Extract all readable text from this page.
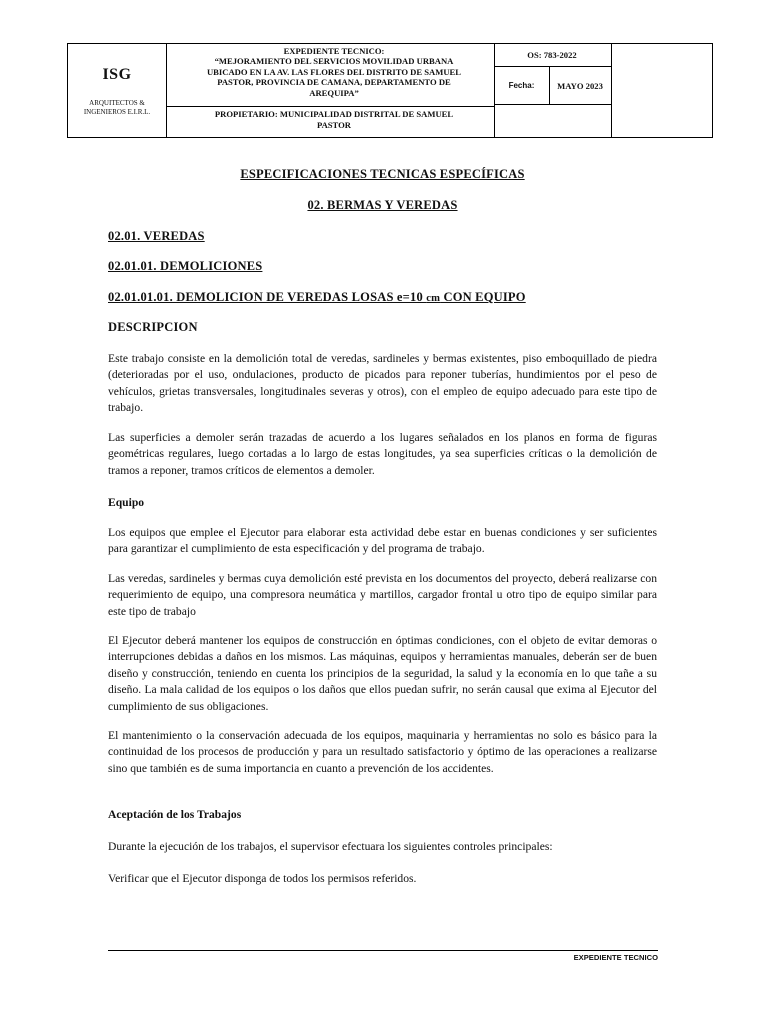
ISG
ARQUITECTOS &
INGENIEROS E.I.R.L.
EXPEDIENTE TECNICO:
“MEJORAMIENTO DEL SERVICIOS MOVILIDAD URBANA
UBICADO EN LA AV. LAS FLORES DEL DISTRITO DE SAMUEL
PASTOR, PROVINCIA DE CAMANA, DEPARTAMENTO DE
AREQUIPA”
PROPIETARIO: MUNICIPALIDAD DISTRITAL DE SAMUEL
PASTOR
OS: 783-2022
Fecha:	MAYO 2023

ESPECIFICACIONES TECNICAS ESPECÍFICAS

02. BERMAS Y VEREDAS

02.01. VEREDAS

02.01.01. DEMOLICIONES

02.01.01.01. DEMOLICION DE VEREDAS LOSAS e=10 cm CON EQUIPO

DESCRIPCION

Este trabajo consiste en la demolición total de veredas, sardineles y bermas existentes, piso emboquillado de piedra (deterioradas por el uso, ondulaciones, producto de picados para reponer tuberías, hundimientos por el peso de vehículos, grietas transversales, longitudinales severas y otros), con el empleo de equipo adecuado para este tipo de trabajo.

Las superficies a demoler serán trazadas de acuerdo a los lugares señalados en los planos en forma de figuras geométricas regulares, luego cortadas a lo largo de estas longitudes, ya sea superficies críticas o la demolición de tramos a reponer, tramos críticos de elementos a demoler.

Equipo

Los equipos que emplee el Ejecutor para elaborar esta actividad debe estar en buenas condiciones y ser suficientes para garantizar el cumplimiento de esta especificación y del programa de trabajo.

Las veredas, sardineles y bermas cuya demolición esté prevista en los documentos del proyecto, deberá realizarse con requerimiento de equipo, una compresora neumática y martillos, cargador frontal u otro tipo de equipo similar para este tipo de trabajo

El Ejecutor deberá mantener los equipos de construcción en óptimas condiciones, con el objeto de evitar demoras o interrupciones debidas a daños en los mismos. Las máquinas, equipos y herramientas manuales, deberán ser de buen diseño y construcción, teniendo en cuenta los principios de la seguridad, la salud y la economía en lo que tañe a su diseño. La mala calidad de los equipos o los daños que ellos puedan sufrir, no serán causal que exima al Ejecutor del cumplimiento de sus obligaciones.

El mantenimiento o la conservación adecuada de los equipos, maquinaria y herramientas no solo es básico para la continuidad de los procesos de producción y para un resultado satisfactorio y óptimo de las operaciones a realizarse sino que también es de suma importancia en cuanto a prevención de los accidentes.

Aceptación de los Trabajos

Durante la ejecución de los trabajos, el supervisor efectuara los siguientes controles principales:

Verificar que el Ejecutor disponga de todos los permisos referidos.

EXPEDIENTE TECNICO
